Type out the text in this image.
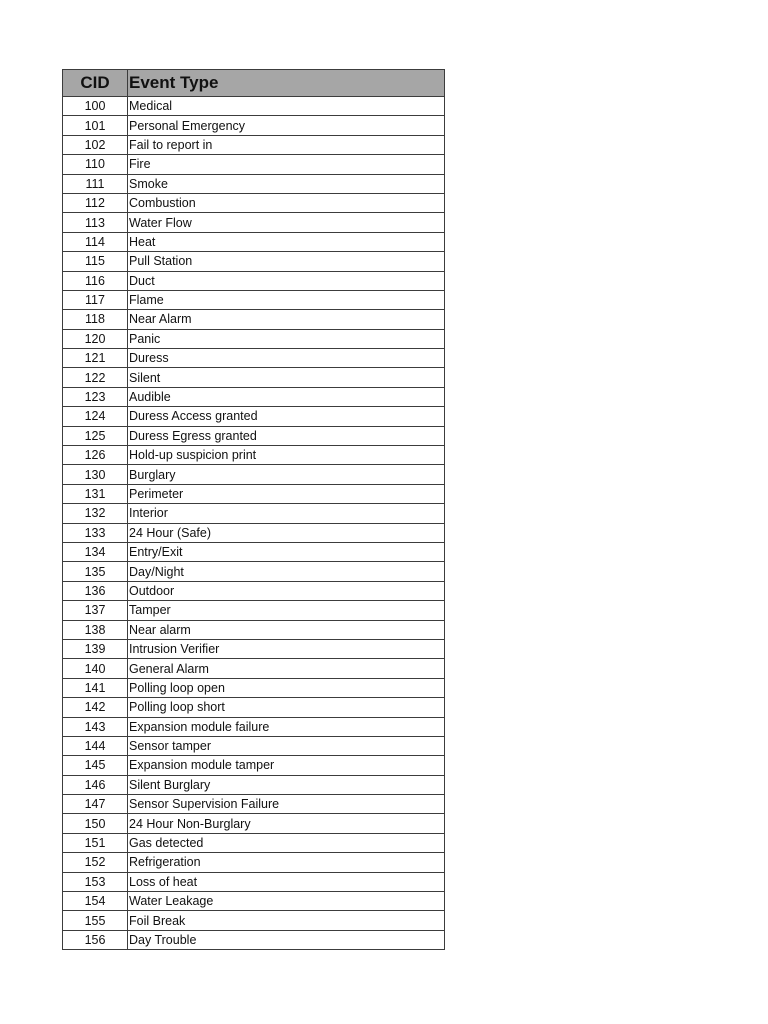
CID	Event Type
100	Medical
101	Personal Emergency
102	Fail to report in
110	Fire
111	Smoke
112	Combustion
113	Water Flow
114	Heat
115	Pull Station
116	Duct
117	Flame
118	Near Alarm
120	Panic
121	Duress
122	Silent
123	Audible
124	Duress Access granted
125	Duress Egress granted
126	Hold-up suspicion print
130	Burglary
131	Perimeter
132	Interior
133	24 Hour (Safe)
134	Entry/Exit
135	Day/Night
136	Outdoor
137	Tamper
138	Near alarm
139	Intrusion Verifier
140	General Alarm
141	Polling loop open
142	Polling loop short
143	Expansion module failure
144	Sensor tamper
145	Expansion module tamper
146	Silent Burglary
147	Sensor Supervision Failure
150	24 Hour Non-Burglary
151	Gas detected
152	Refrigeration
153	Loss of heat
154	Water Leakage
155	Foil Break
156	Day Trouble
